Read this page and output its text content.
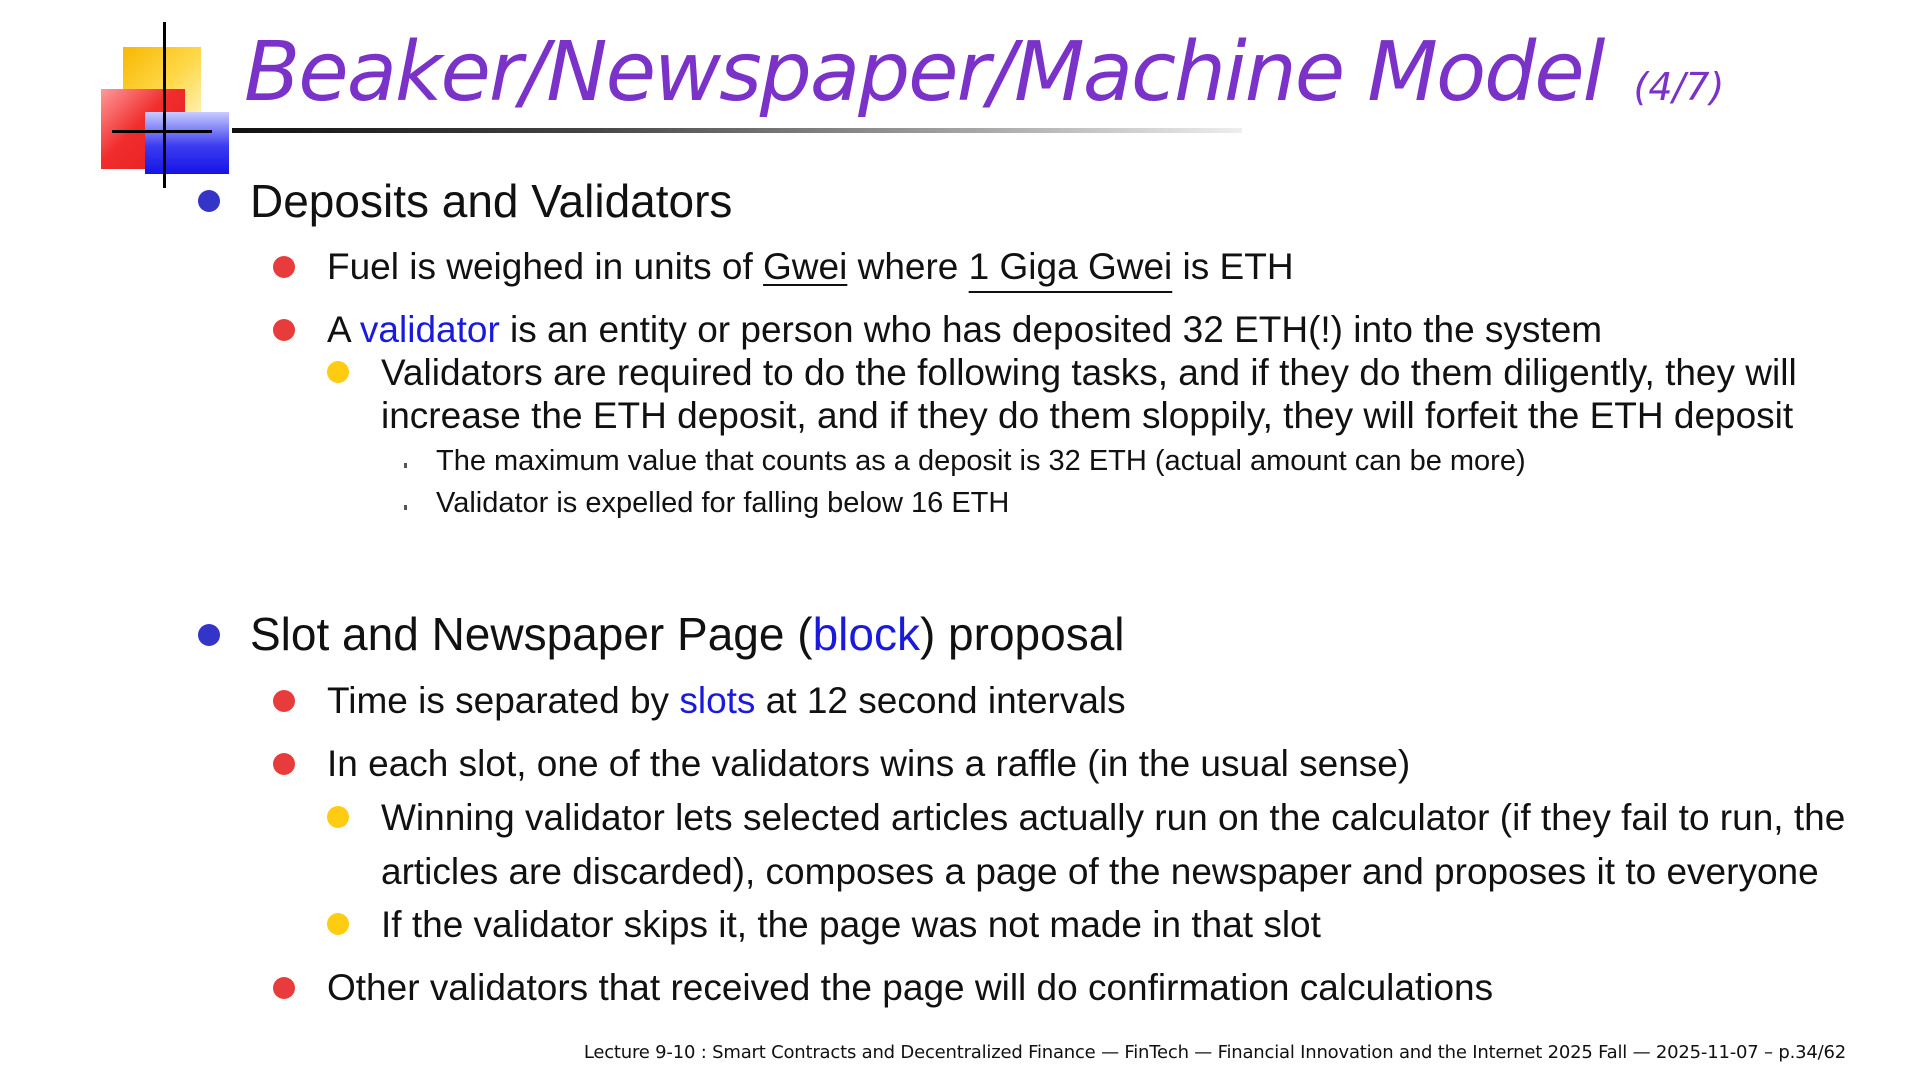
Beaker/Newspaper/Machine Model (4/7)
Deposits and Validators
Fuel is weighed in units of Gwei where 1 Giga Gwei is ETH
A validator is an entity or person who has deposited 32 ETH(!) into the system
Validators are required to do the following tasks, and if they do them diligently, they will
increase the ETH deposit, and if they do them sloppily, they will forfeit the ETH deposit
The maximum value that counts as a deposit is 32 ETH (actual amount can be more)
Validator is expelled for falling below 16 ETH
Slot and Newspaper Page (block) proposal
Time is separated by slots at 12 second intervals
In each slot, one of the validators wins a raffle (in the usual sense)
Winning validator lets selected articles actually run on the calculator (if they fail to run, the
articles are discarded), composes a page of the newspaper and proposes it to everyone
If the validator skips it, the page was not made in that slot
Other validators that received the page will do confirmation calculations
Lecture 9-10 : Smart Contracts and Decentralized Finance — FinTech — Financial Innovation and the Internet 2025 Fall — 2025-11-07 – p.34/62
